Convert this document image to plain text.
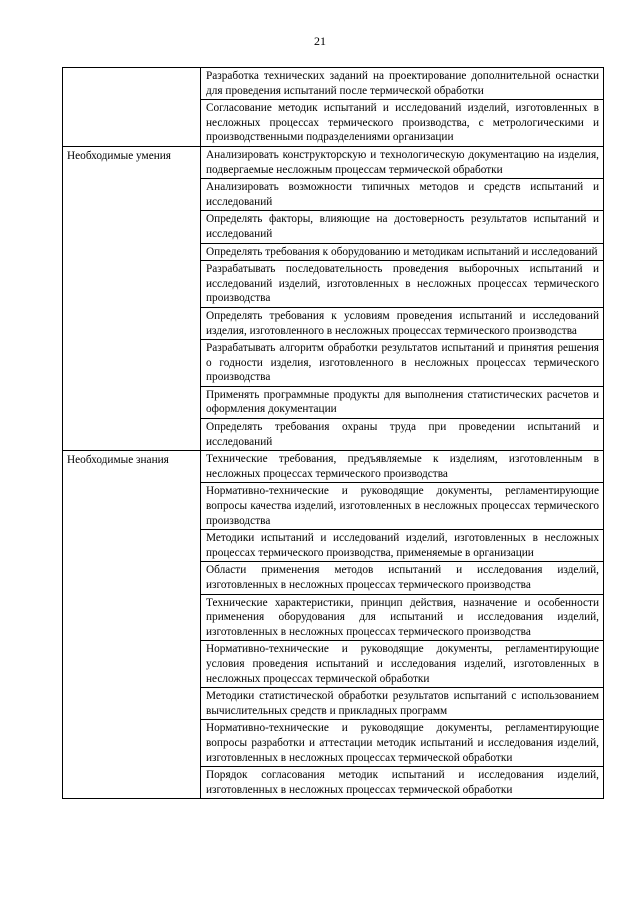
21
	Разработка технических заданий на проектирование дополнительной оснастки для проведения испытаний после термической обработки
	Согласование методик испытаний и исследований изделий, изготовленных в несложных процессах термического производства, с метрологическими и производственными подразделениями организации
Необходимые умения	Анализировать конструкторскую и технологическую документацию на изделия, подвергаемые несложным процессам термической обработки
	Анализировать возможности типичных методов и средств испытаний и исследований
	Определять факторы, влияющие на достоверность результатов испытаний и исследований
	Определять требования к оборудованию и методикам испытаний и исследований
	Разрабатывать последовательность проведения выборочных испытаний и исследований изделий, изготовленных в несложных процессах термического производства
	Определять требования к условиям проведения испытаний и исследований изделия, изготовленного в несложных процессах термического производства
	Разрабатывать алгоритм обработки результатов испытаний и принятия решения о годности изделия, изготовленного в несложных процессах термического производства
	Применять программные продукты для выполнения статистических расчетов и оформления документации
	Определять требования охраны труда при проведении испытаний и исследований
Необходимые знания	Технические требования, предъявляемые к изделиям, изготовленным в несложных процессах термического производства
	Нормативно-технические и руководящие документы, регламентирующие вопросы качества изделий, изготовленных в несложных процессах термического производства
	Методики испытаний и исследований изделий, изготовленных в несложных процессах термического производства, применяемые в организации
	Области применения методов испытаний и исследования изделий, изготовленных в несложных процессах термического производства
	Технические характеристики, принцип действия, назначение и особенности применения оборудования для испытаний и исследования изделий, изготовленных в несложных процессах термического производства
	Нормативно-технические и руководящие документы, регламентирующие условия проведения испытаний и исследования изделий, изготовленных в несложных процессах термической обработки
	Методики статистической обработки результатов испытаний с использованием вычислительных средств и прикладных программ
	Нормативно-технические и руководящие документы, регламентирующие вопросы разработки и аттестации методик испытаний и исследования изделий, изготовленных в несложных процессах термической обработки
	Порядок согласования методик испытаний и исследования изделий, изготовленных в несложных процессах термической обработки
